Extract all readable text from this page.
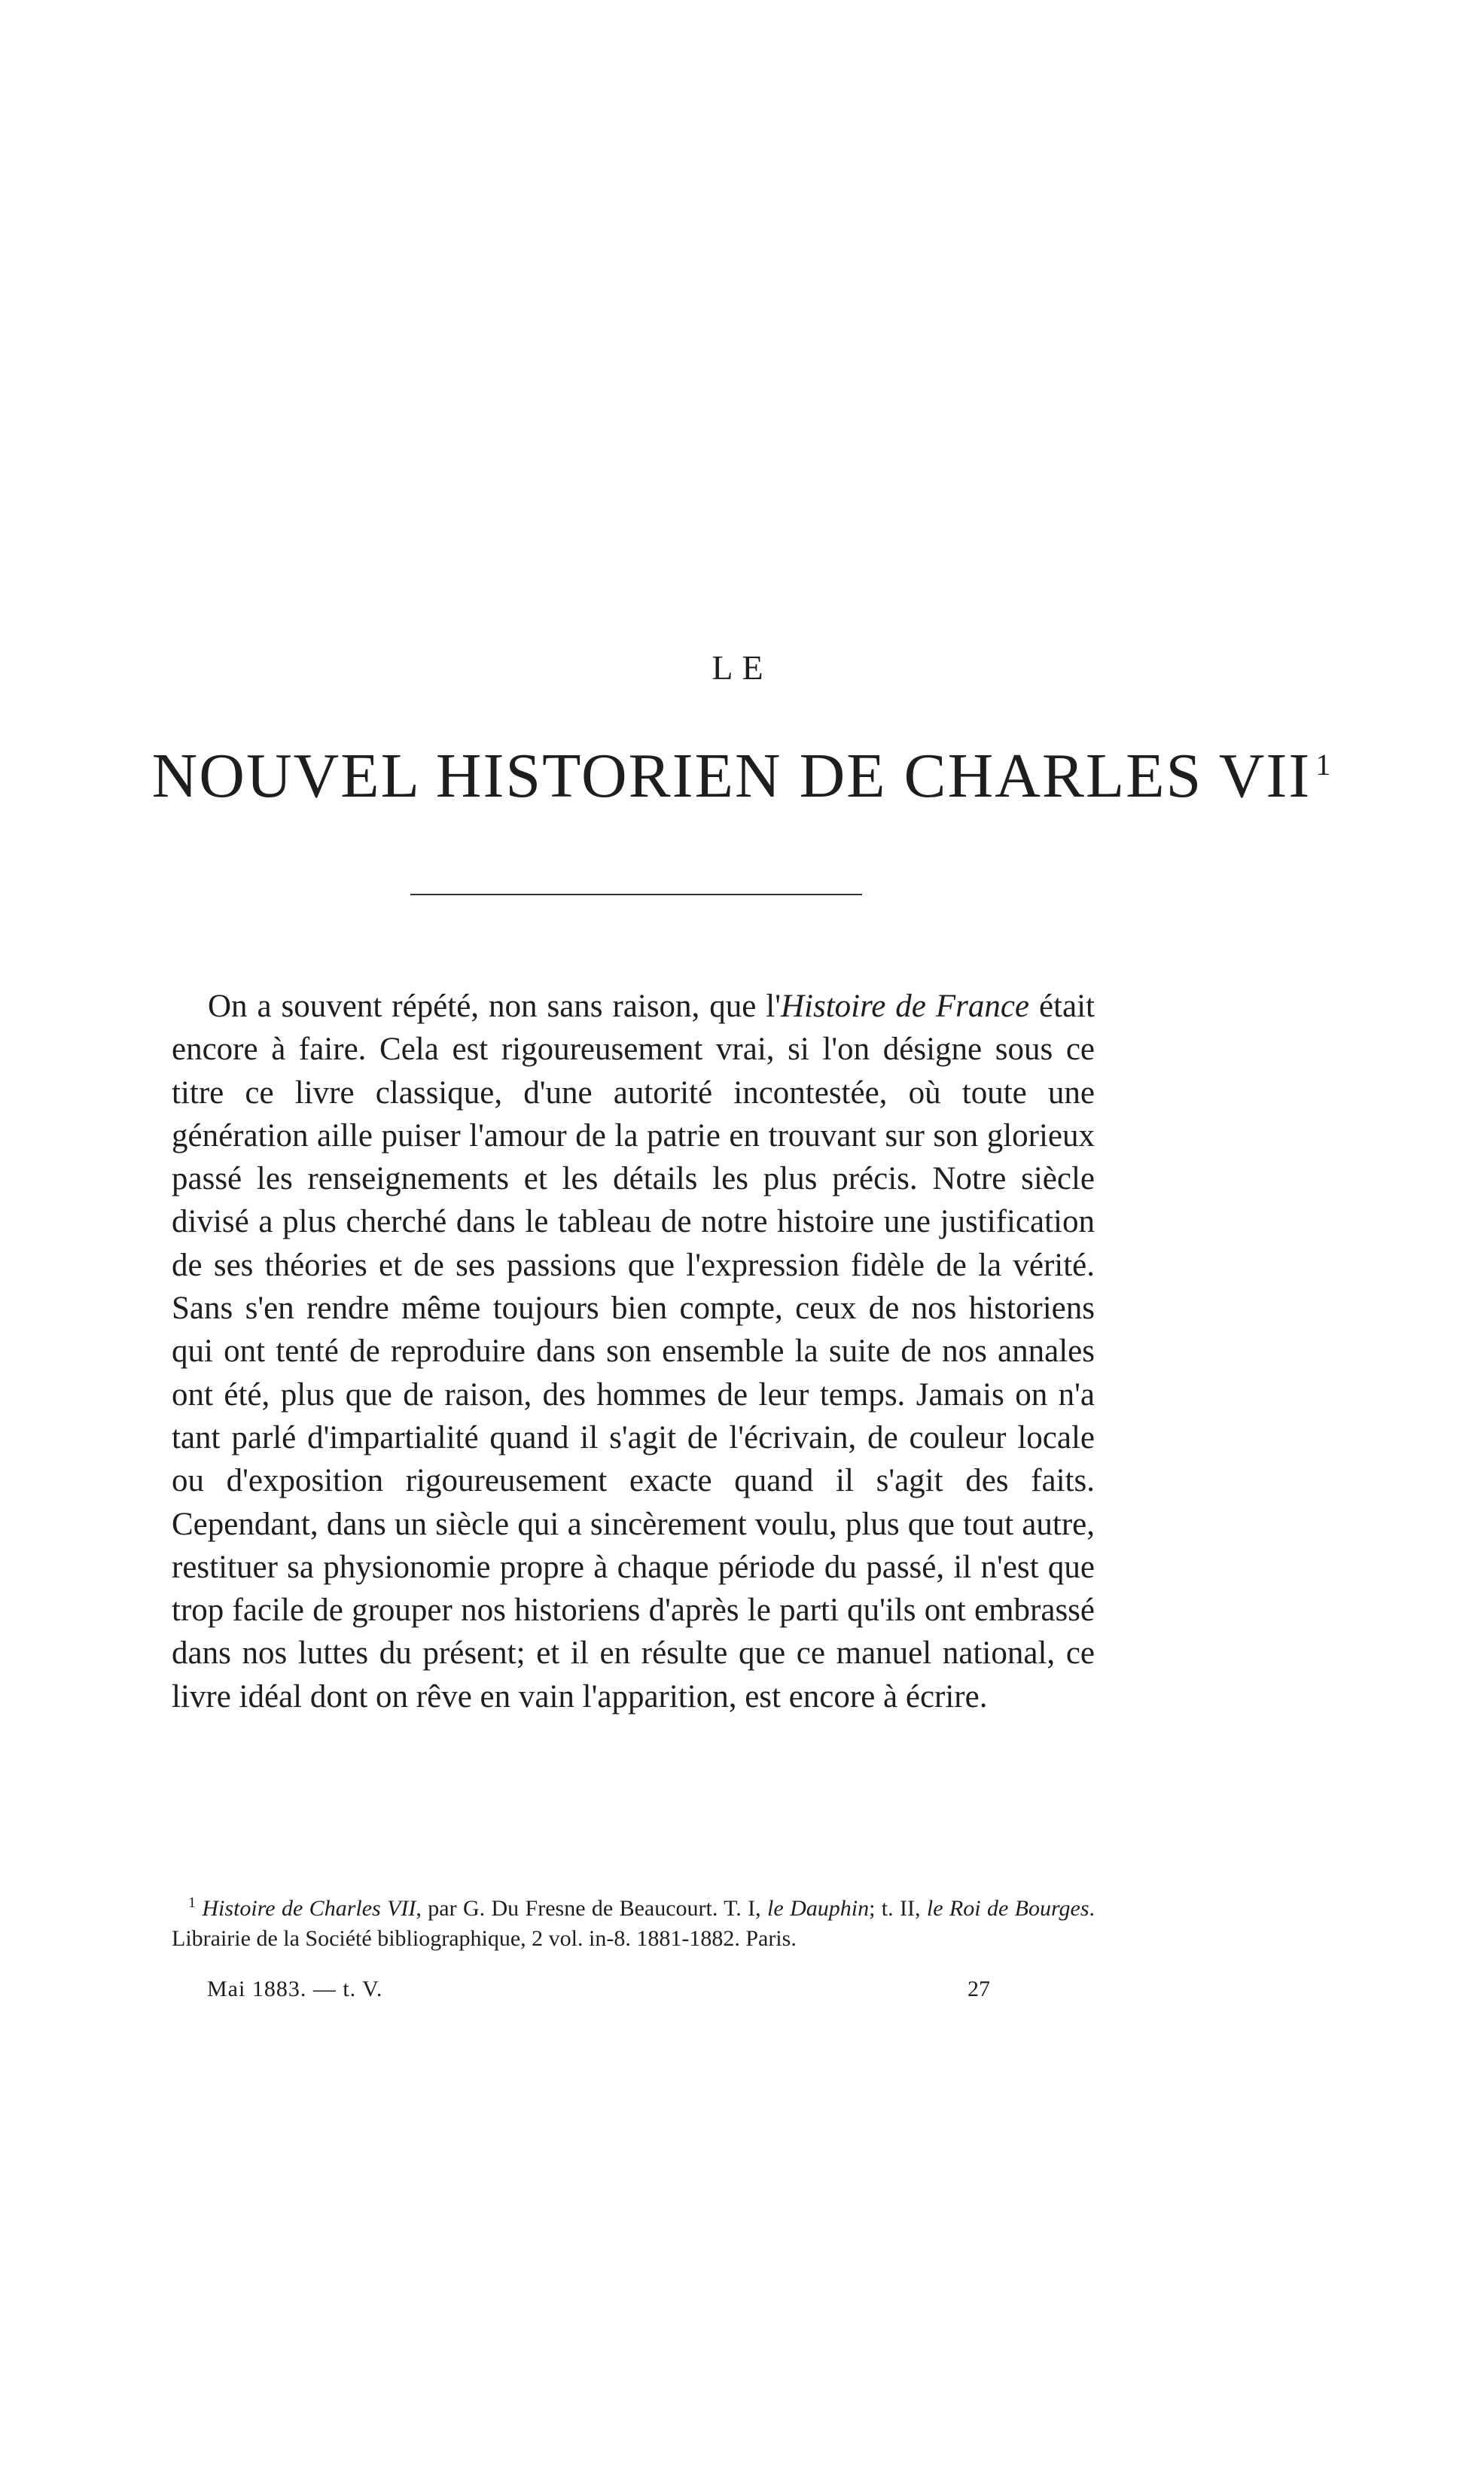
LE
NOUVEL HISTORIEN DE CHARLES VII $^1$

On a souvent répété, non sans raison, que l'Histoire de France était encore à faire. Cela est rigoureusement vrai, si l'on désigne sous ce titre ce livre classique, d'une autorité incontestée, où toute une génération aille puiser l'amour de la patrie en trouvant sur son glorieux passé les renseignements et les détails les plus précis. Notre siècle divisé a plus cherché dans le tableau de notre histoire une justification de ses théories et de ses passions que l'expression fidèle de la vérité. Sans s'en rendre même toujours bien compte, ceux de nos historiens qui ont tenté de reproduire dans son ensemble la suite de nos annales ont été, plus que de raison, des hommes de leur temps. Jamais on n'a tant parlé d'impartialité quand il s'agit de l'écrivain, de couleur locale ou d'exposition rigoureusement exacte quand il s'agit des faits. Cependant, dans un siècle qui a sincèrement voulu, plus que tout autre, restituer sa physionomie propre à chaque période du passé, il n'est que trop facile de grouper nos historiens d'après le parti qu'ils ont embrassé dans nos luttes du présent; et il en résulte que ce manuel national, ce livre idéal dont on rêve en vain l'apparition, est encore à écrire.

$^1$ Histoire de Charles VII, par G. Du Fresne de Beaucourt. T. I, le Dauphin; t. II, le Roi de Bourges. Librairie de la Société bibliographique, 2 vol. in-8. 1881-1882. Paris.

Mai 1883. — t. V.	27
